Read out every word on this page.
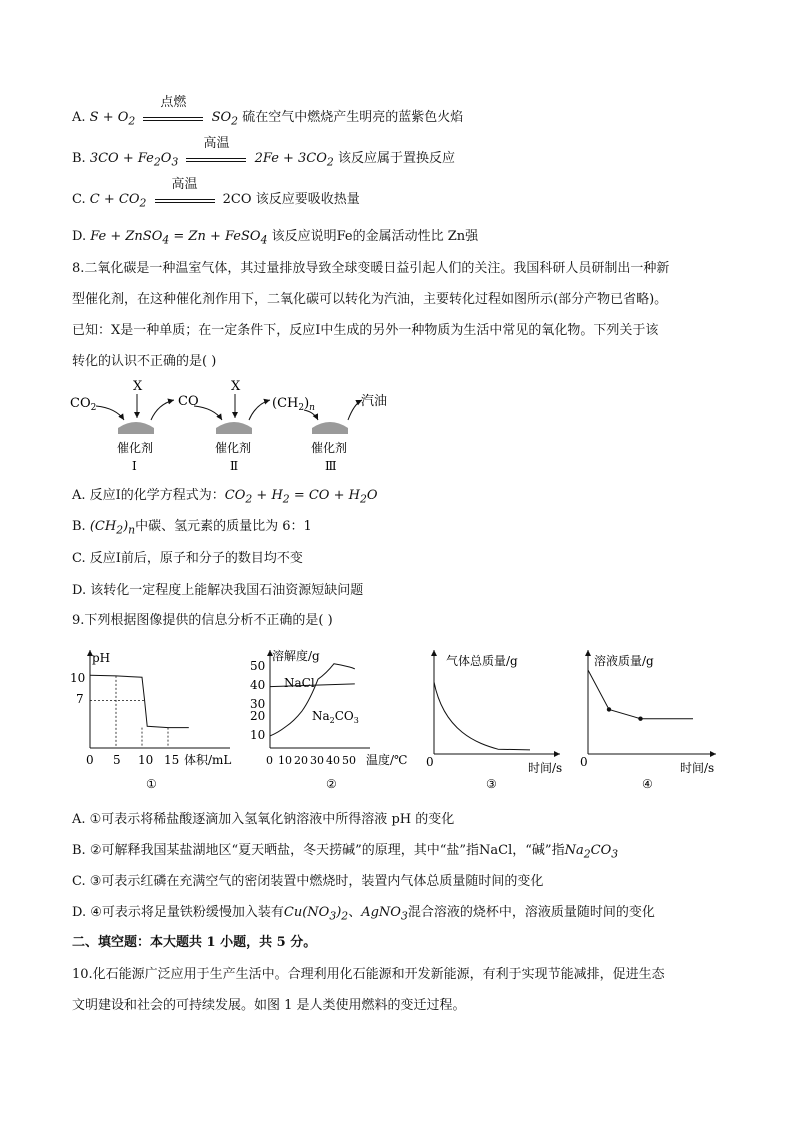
A. $S + O_2$
点燃
$SO_2$ 硫在空气中燃烧产生明亮的蓝紫色火焰
B. $3CO + Fe_2O_3$
高温
$2Fe + 3CO_2$ 该反应属于置换反应
C. $C + CO_2$
高温
2CO 该反应要吸收热量
D. Fe + ZnSO$_4$ = Zn + FeSO$_4$ 该反应说明Fe的金属活动性比 Zn强
8.二氧化碳是一种温室气体，其过量排放导致全球变暖日益引起人们的关注。我国科研人员研制出一种新
型催化剂，在这种催化剂作用下，二氧化碳可以转化为汽油，主要转化过程如图所示(部分产物已省略)。
已知：X是一种单质；在一定条件下，反应Ⅰ中生成的另外一种物质为生活中常见的氧化物。下列关于该
转化的认识不正确的是( )
$CO_2$
X
CO
X
$(CH_2)_n$	汽油
催化剂	催化剂	催化剂
Ⅰ	Ⅱ	Ⅲ
A. 反应Ⅰ的化学方程式为：$CO_2 + H_2$ = CO + $H_2O$
B. $(CH_2)_n$中碳、氢元素的质量比为 6：1
C. 反应Ⅰ前后，原子和分子的数目均不变
D. 该转化一定程度上能解决我国石油资源短缺问题
9.下列根据图像提供的信息分析不正确的是( )
pH
10
7
0 5 10 15 体积/mL
①
溶解度/g
50
40
30
20
10
0 10 20 30 40 50 温度/℃
NaCl
$Na_2CO_3$
②
气体总质量/g
0	时间/s
③
溶液质量/g
0	时间/s
④
A. ①可表示将稀盐酸逐滴加入氢氧化钠溶液中所得溶液 pH 的变化
B. ②可解释我国某盐湖地区“夏天晒盐，冬天捞碱”的原理，其中“盐”指NaCl，“碱”指$Na_2CO_3$
C. ③可表示红磷在充满空气的密闭装置中燃烧时，装置内气体总质量随时间的变化
D. ④可表示将足量铁粉缓慢加入装有$Cu(NO_3)_2$、AgNO$_3$混合溶液的烧杯中，溶液质量随时间的变化
二、填空题：本大题共 1 小题，共 5 分。
10.化石能源广泛应用于生产生活中。合理利用化石能源和开发新能源，有利于实现节能减排，促进生态
文明建设和社会的可持续发展。如图 1 是人类使用燃料的变迁过程。
